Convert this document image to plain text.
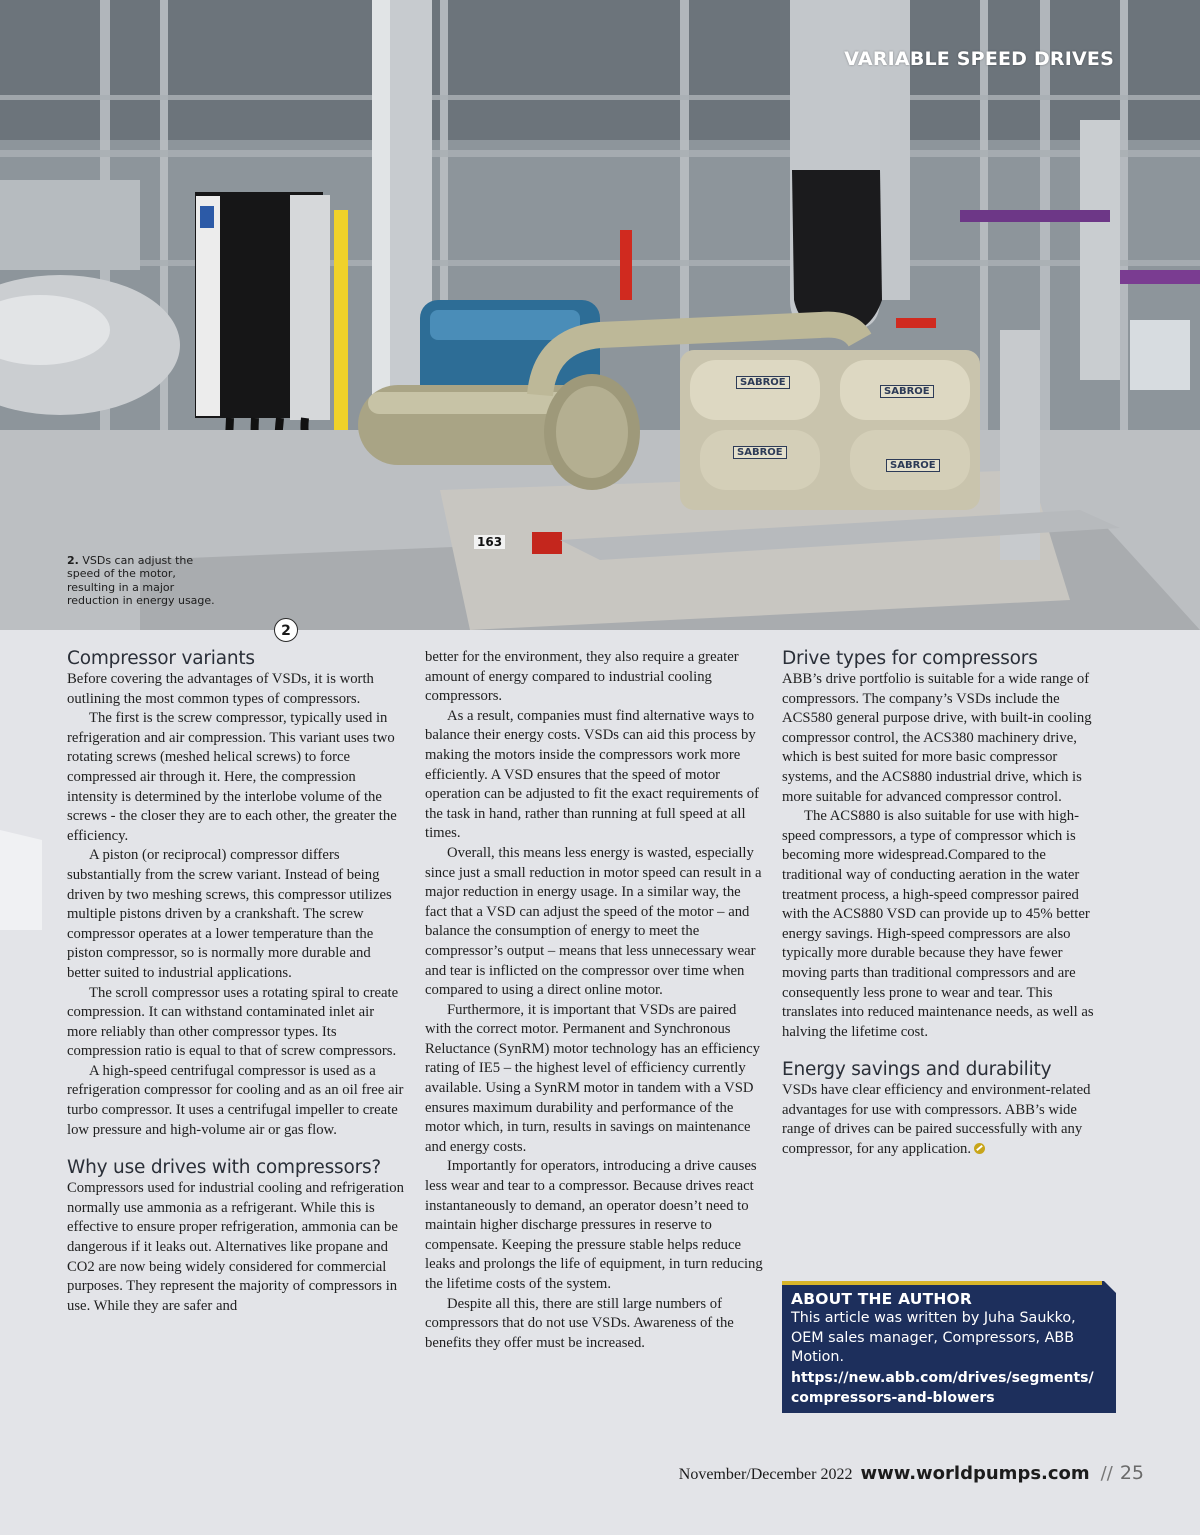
SABROE
SABROE
SABROE
SABROE
163
VARIABLE SPEED DRIVES
2. VSDs can adjust the speed of the motor, resulting in a major reduction in energy usage.
2
Compressor variants

Before covering the advantages of VSDs, it is worth outlining the most common types of compressors.

The first is the screw compressor, typically used in refrigeration and air compression. This variant uses two rotating screws (meshed helical screws) to force compressed air through it. Here, the compression intensity is determined by the interlobe volume of the screws - the closer they are to each other, the greater the efficiency.

A piston (or reciprocal) compressor differs substantially from the screw variant. Instead of being driven by two meshing screws, this compressor utilizes multiple pistons driven by a crankshaft. The screw compressor operates at a lower temperature than the piston compressor, so is normally more durable and better suited to industrial applications.

The scroll compressor uses a rotating spiral to create compression. It can withstand contaminated inlet air more reliably than other compressor types. Its compression ratio is equal to that of screw compressors.

A high-speed centrifugal compressor is used as a refrigeration compressor for cooling and as an oil free air turbo compressor. It uses a centrifugal impeller to create low pressure and high-volume air or gas flow.

Why use drives with compressors?

Compressors used for industrial cooling and refrigeration normally use ammonia as a refrigerant. While this is effective to ensure proper refrigeration, ammonia can be dangerous if it leaks out. Alternatives like propane and CO2 are now being widely considered for commercial purposes. They represent the majority of compressors in use. While they are safer and

better for the environment, they also require a greater amount of energy compared to industrial cooling compressors.

As a result, companies must find alternative ways to balance their energy costs. VSDs can aid this process by making the motors inside the compressors work more efficiently. A VSD ensures that the speed of motor operation can be adjusted to fit the exact requirements of the task in hand, rather than running at full speed at all times.

Overall, this means less energy is wasted, especially since just a small reduction in motor speed can result in a major reduction in energy usage. In a similar way, the fact that a VSD can adjust the speed of the motor – and balance the consumption of energy to meet the compressor’s output – means that less unnecessary wear and tear is inflicted on the compressor over time when compared to using a direct online motor.

Furthermore, it is important that VSDs are paired with the correct motor. Permanent and Synchronous Reluctance (SynRM) motor technology has an efficiency rating of IE5 – the highest level of efficiency currently available. Using a SynRM motor in tandem with a VSD ensures maximum durability and performance of the motor which, in turn, results in savings on maintenance and energy costs.

Importantly for operators, introducing a drive causes less wear and tear to a compressor. Because drives react instantaneously to demand, an operator doesn’t need to maintain higher discharge pressures in reserve to compensate. Keeping the pressure stable helps reduce leaks and prolongs the life of equipment, in turn reducing the lifetime costs of the system.

Despite all this, there are still large numbers of compressors that do not use VSDs. Awareness of the benefits they offer must be increased.

Drive types for compressors

ABB’s drive portfolio is suitable for a wide range of compressors. The company’s VSDs include the ACS580 general purpose drive, with built-in cooling compressor control, the ACS380 machinery drive, which is best suited for more basic compressor systems, and the ACS880 industrial drive, which is more suitable for advanced compressor control.

The ACS880 is also suitable for use with high-speed compressors, a type of compressor which is becoming more widespread.Compared to the traditional way of conducting aeration in the water treatment process, a high-speed compressor paired with the ACS880 VSD can provide up to 45% better energy savings. High-speed compressors are also typically more durable because they have fewer moving parts than traditional compressors and are consequently less prone to wear and tear. This translates into reduced maintenance needs, as well as halving the lifetime cost.

Energy savings and durability

VSDs have clear efficiency and environment-related advantages for use with compressors. ABB’s wide range of drives can be paired successfully with any compressor, for any application.

ABOUT THE AUTHOR
This article was written by Juha Saukko, OEM sales manager, Compressors, ABB Motion.
https://new.abb.com/drives/segments/
compressors-and-blowers
November/December 2022 www.worldpumps.com // 25
